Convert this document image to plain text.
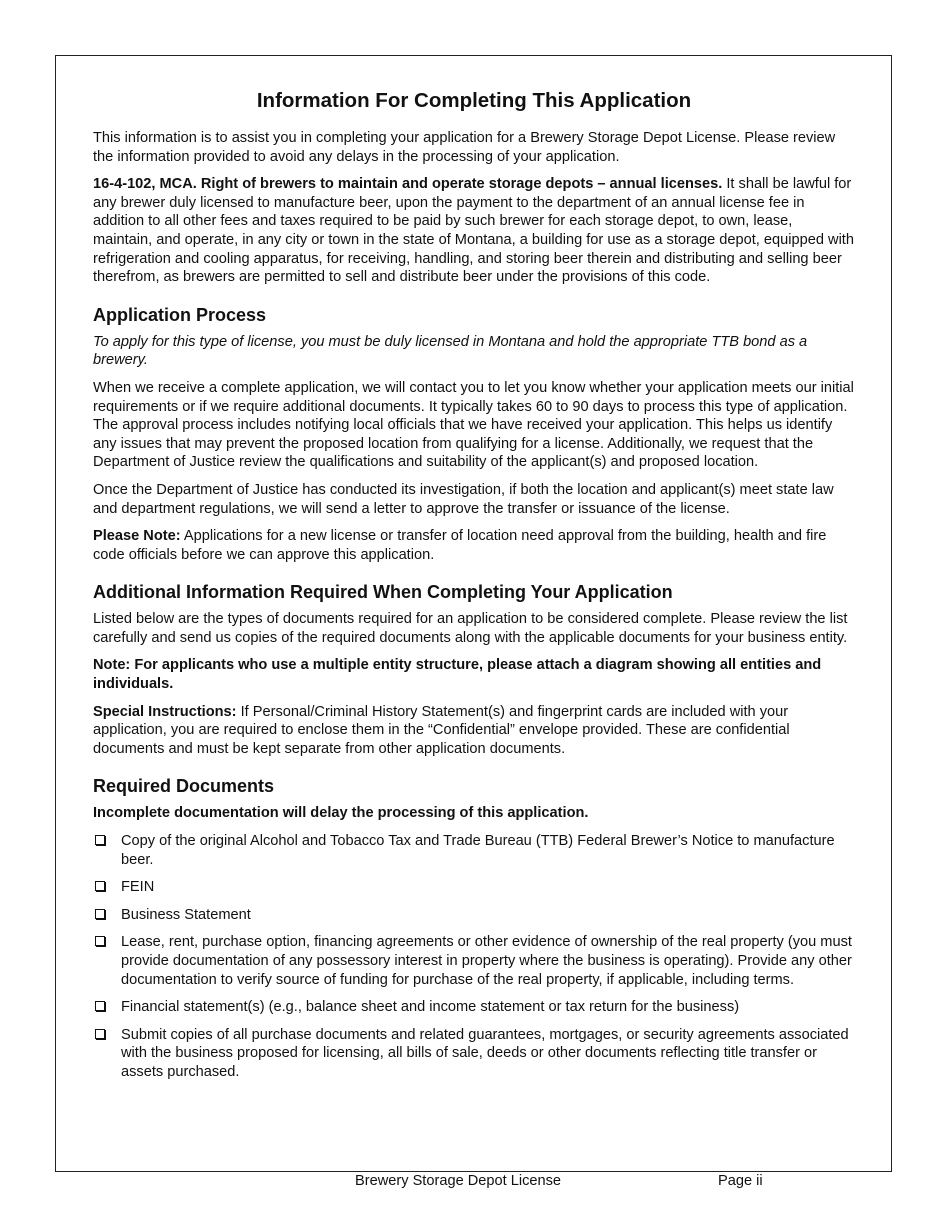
Information For Completing This Application

This information is to assist you in completing your application for a Brewery Storage Depot License. Please review the information provided to avoid any delays in the processing of your application.

16-4-102, MCA. Right of brewers to maintain and operate storage depots – annual licenses. It shall be lawful for any brewer duly licensed to manufacture beer, upon the payment to the department of an annual license fee in addition to all other fees and taxes required to be paid by such brewer for each storage depot, to own, lease, maintain, and operate, in any city or town in the state of Montana, a building for use as a storage depot, equipped with refrigeration and cooling apparatus, for receiving, handling, and storing beer therein and distributing and selling beer therefrom, as brewers are permitted to sell and distribute beer under the provisions of this code.

Application Process

To apply for this type of license, you must be duly licensed in Montana and hold the appropriate TTB bond as a brewery.

When we receive a complete application, we will contact you to let you know whether your application meets our initial requirements or if we require additional documents. It typically takes 60 to 90 days to process this type of application. The approval process includes notifying local officials that we have received your application. This helps us identify any issues that may prevent the proposed location from qualifying for a license. Additionally, we request that the Department of Justice review the qualifications and suitability of the applicant(s) and proposed location.

Once the Department of Justice has conducted its investigation, if both the location and applicant(s) meet state law and department regulations, we will send a letter to approve the transfer or issuance of the license.

Please Note: Applications for a new license or transfer of location need approval from the building, health and fire code officials before we can approve this application.

Additional Information Required When Completing Your Application

Listed below are the types of documents required for an application to be considered complete. Please review the list carefully and send us copies of the required documents along with the applicable documents for your business entity.

Note: For applicants who use a multiple entity structure, please attach a diagram showing all entities and individuals.

Special Instructions: If Personal/Criminal History Statement(s) and fingerprint cards are included with your application, you are required to enclose them in the “Confidential” envelope provided. These are confidential documents and must be kept separate from other application documents.

Required Documents

Incomplete documentation will delay the processing of this application.

Copy of the original Alcohol and Tobacco Tax and Trade Bureau (TTB) Federal Brewer’s Notice to manufacture beer.
FEIN
Business Statement
Lease, rent, purchase option, financing agreements or other evidence of ownership of the real property (you must provide documentation of any possessory interest in property where the business is operating). Provide any other documentation to verify source of funding for purchase of the real property, if applicable, including terms.
Financial statement(s) (e.g., balance sheet and income statement or tax return for the business)
Submit copies of all purchase documents and related guarantees, mortgages, or security agreements associated with the business proposed for licensing, all bills of sale, deeds or other documents reflecting title transfer or assets purchased.
Brewery Storage Depot License	Page ii
